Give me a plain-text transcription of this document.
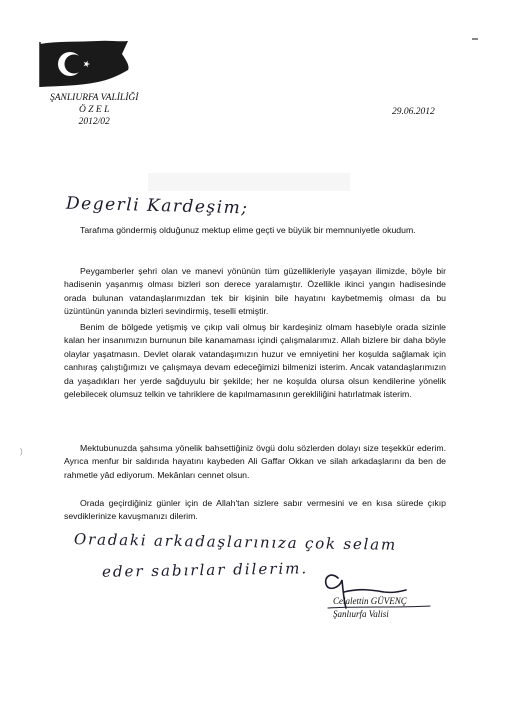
ŞANLIURFA VALİLİĞİ
Ö Z E L
2012/02
29.06.2012
Degerli Kardeşim;

Tarafıma göndermiş olduğunuz mektup elime geçti ve büyük bir memnuniyetle okudum.

Peygamberler şehri olan ve manevi yönünün tüm güzellikleriyle yaşayan ilimizde, böyle bir hadisenin yaşanmış olması bizleri son derece yaralamıştır. Özellikle ikinci yangın hadisesinde orada bulunan vatandaşlarımızdan tek bir kişinin bile hayatını kaybetmemiş olması da bu üzüntünün yanında bizleri sevindirmiş, teselli etmiştir.

Benim de bölgede yetişmiş ve çıkıp vali olmuş bir kardeşiniz olmam hasebiyle orada sizinle kalan her insanımızın burnunun bile kanamaması içindi çalışmalarımız. Allah bizlere bir daha böyle olaylar yaşatmasın. Devlet olarak vatandaşımızın huzur ve emniyetini her koşulda sağlamak için canhıraş çalıştığımızı ve çalışmaya devam edeceğimizi bilmenizi isterim. Ancak vatandaşlarımızın da yaşadıkları her yerde sağduyulu bir şekilde; her ne koşulda olursa olsun kendilerine yönelik gelebilecek olumsuz telkin ve tahriklere de kapılmamasının gerekliliğini hatırlatmak isterim.

Mektubunuzda şahsıma yönelik bahsettiğiniz övgü dolu sözlerden dolayı size teşekkür ederim. Ayrıca menfur bir saldırıda hayatını kaybeden Ali Gaffar Okkan ve silah arkadaşlarını da ben de rahmetle yâd ediyorum. Mekânları cennet olsun.

Orada geçirdiğiniz günler için de Allah'tan sizlere sabır vermesini ve en kısa sürede çıkıp sevdiklerinize kavuşmanızı dilerim.

)
Oradaki arkadaşlarınıza çok selam
eder sabırlar dilerim.
Celalettin GÜVENÇ
Şanlıurfa Valisi
